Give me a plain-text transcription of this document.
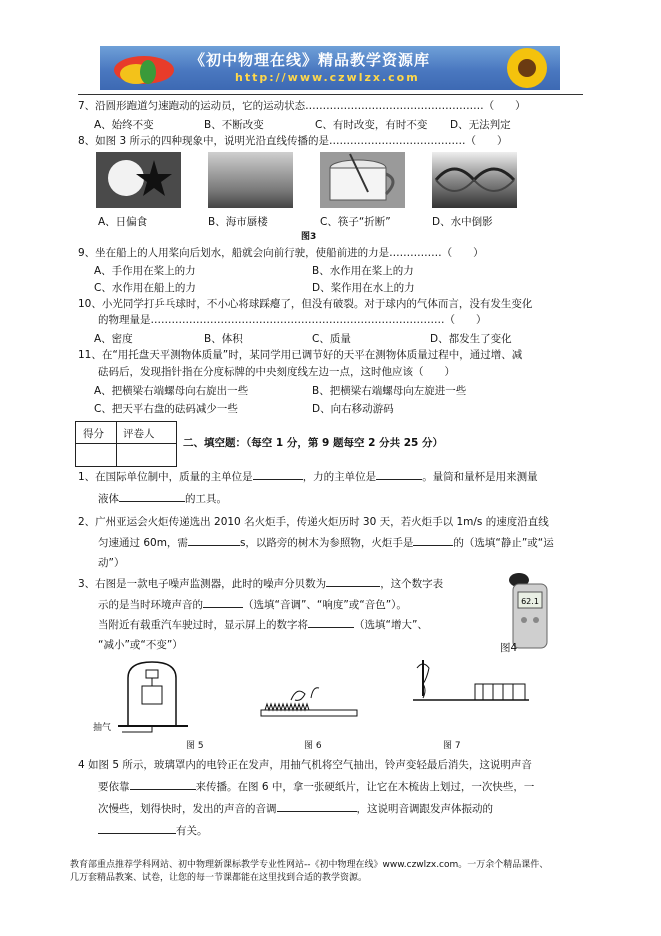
《初中物理在线》精品教学资源库
http://www.czwlzx.com
7、沿圆形跑道匀速跑动的运动员，它的运动状态……………………………………………（　　）
A、始终不变	B、不断改变	C、有时改变，有时不变 D、无法判定
8、如图 3 所示的四种现象中，说明光沿直线传播的是…………………………………（　　）
A、日偏食	B、海市蜃楼	C、筷子“折断”	D、水中倒影
图3
9、坐在船上的人用桨向后划水，船就会向前行驶，使船前进的力是……………（　　）
A、手作用在桨上的力	B、水作用在桨上的力
C、水作用在船上的力	D、桨作用在水上的力
10、小光同学打乒乓球时，不小心将球踩瘪了，但没有破裂。对于球内的气体而言，没有发生变化
的物理量是…………………………………………………………………………（　　）
A、密度	B、体积	C、质量	D、都发生了变化
11、在“用托盘天平测物体质量”时，某同学用已调节好的天平在测物体质量过程中，通过增、减
砝码后，发现指针指在分度标牌的中央刻度线左边一点，这时他应该（　　）
A、把横梁右端螺母向右旋出一些	B、把横梁右端螺母向左旋进一些
C、把天平右盘的砝码减少一些	D、向右移动游码
得分 评卷人
二、填空题：（每空 1 分，第 9 题每空 2 分共 25 分）
1、在国际单位制中，质量的主单位是	，力的主单位是	。量筒和量杯是用来测量
液体	的工具。
2、广州亚运会火炬传递选出 2010 名火炬手，传递火炬历时 30 天，若火炬手以 1m/s 的速度沿直线
匀速通过 60m，需	s，以路旁的树木为参照物，火炬手是	的（选填“静止”或“运
动”）
3、右图是一款电子噪声监测器，此时的噪声分贝数为	，这个数字表
示的是当时环境声音的	（选填“音调”、“响度”或“音色”）。
当附近有载重汽车驶过时，显示屏上的数字将	（选填“增大”、
“减小”或“不变”）
62.1
图4
抽气
图 5	图 6	图 7
4 如图 5 所示，玻璃罩内的电铃正在发声，用抽气机将空气抽出，铃声变轻最后消失，这说明声音
要依靠	来传播。在图 6 中，拿一张硬纸片，让它在木梳齿上划过，一次快些，一
次慢些，划得快时，发出的声音的音调	，这说明音调跟发声体振动的
有关。
教育部重点推荐学科网站、初中物理新课标教学专业性网站--《初中物理在线》www.czwlzx.com。一万余个精品课件、
几万套精品教案、试卷，让您的每一节课都能在这里找到合适的教学资源。
